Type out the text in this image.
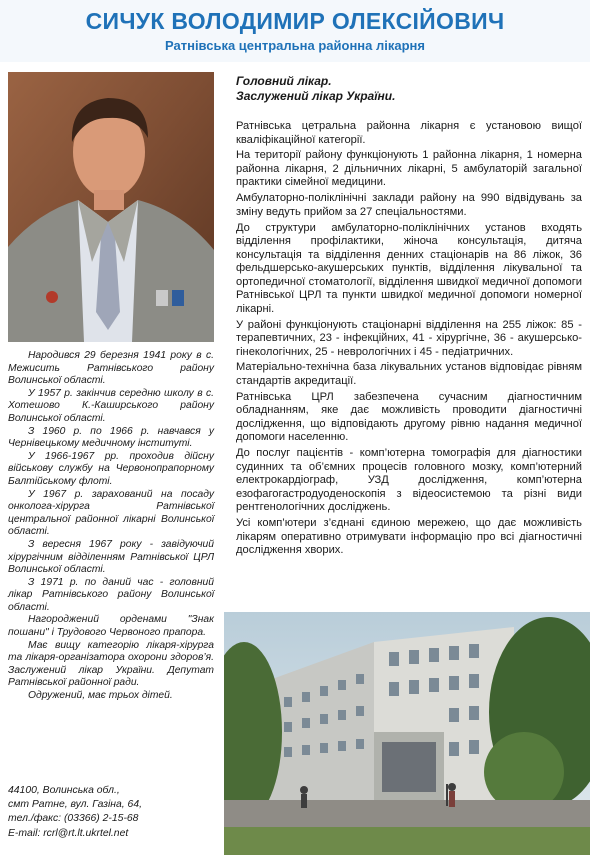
СИЧУК ВОЛОДИМИР ОЛЕКСІЙОВИЧ
Ратнівська центральна районна лікарня

Народився 29 березня 1941 року в с. Межисить Ратнівського району Волинської області.

У 1957 р. закінчив середню школу в с. Хотешово К.-Каширського району Волинської області.

З 1960 р. по 1966 р. навчався у Чернівецькому медичному інституті.

У 1966-1967 рр. проходив дійсну військову службу на Червонопрапорному Балтійському флоті.

У 1967 р. зарахований на посаду онколога-хірурга Ратнівської центральної районної лікарні Волинської області.

З вересня 1967 року - завідуючий хірургічним відділенням Ратнівської ЦРЛ Волинської області.

З 1971 р. по даний час - головний лікар Ратнівського району Волинської області.

Нагороджений орденами "Знак пошани" і Трудового Червоного прапора.

Має вищу категорію лікаря-хірурга та лікаря-організатора охорони здоров’я. Заслужений лікар України. Депутат Ратнівської районної ради.

Одружений, має трьох дітей.

44100, Волинська обл.,
смт Ратне, вул. Газіна, 64,
тел./факс: (03366) 2-15-68
E-mail: rcrl@rt.lt.ukrtel.net
Головний лікар.
Заслужений лікар України.

Ратнівська цетральна районна лікарня є установою вищої кваліфікаційної категорії.

На території району функціонують 1 районна лікарня, 1 номерна районна лікарня, 2 дільничних лікарні, 5 амбулаторій загальної практики сімейної медицини.

Амбулаторно-поліклінічні заклади району на 990 відвідувань за зміну ведуть прийом за 27 спеціальностями.

До структури амбулаторно-поліклінічних установ входять відділення профілактики, жіноча консультація, дитяча консультація та відділення денних стаціонарів на 86 ліжок, 36 фельдшерсько-акушерських пунктів, відділення лікувальної та ортопедичної стоматології, відділення швидкої медичної допомоги Ратнівської ЦРЛ та пункти швидкої медичної допомоги номерної лікарні.

У районі функціонують стаціонарні відділення на 255 ліжок: 85 - терапевтичних, 23 - інфекційних, 41 - хірургічне, 36 - акушерсько-гінекологічних, 25 - неврологічних і 45 - педіатричних.

Матеріально-технічна база лікувальних установ відповідає рівням стандартів акредитації.

Ратнівська ЦРЛ забезпечена сучасним діагностичним обладнанням, яке дає можливість проводити діагностичні дослідження, що відповідають другому рівню надання медичної допомоги населенню.

До послуг пацієнтів - комп’ютерна томографія для діагностики судинних та об’ємних процесів головного мозку, комп’ютерний електрокардіограф, УЗД дослідження, комп’ютерна езофагогастродуоденоскопія з відеосистемою та різні види рентгенологічних досліджень.

Усі комп’ютери з’єднані єдиною мережею, що дає можливість лікарям оперативно отримувати інформацію про всі діагностичні дослідження хворих.
